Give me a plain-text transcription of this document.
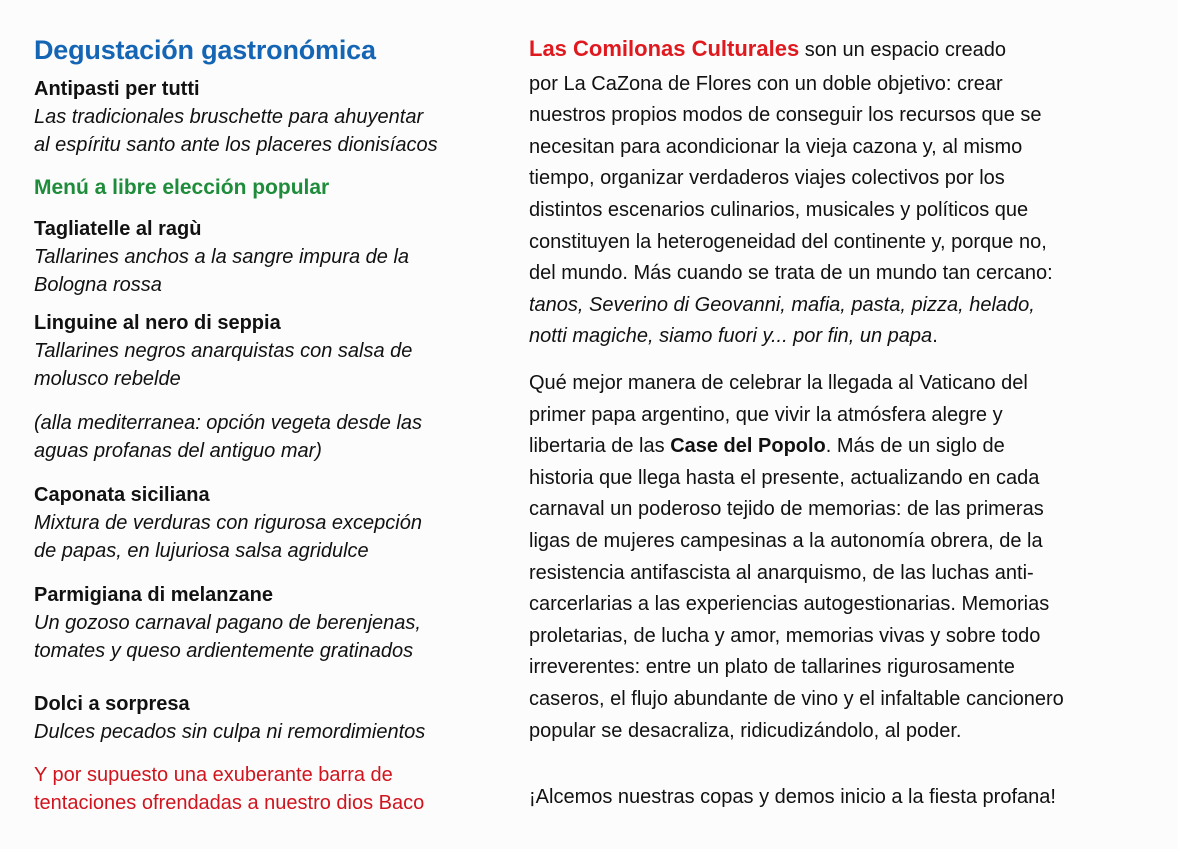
Degustación gastronómica

Antipasti per tutti

Las tradicionales bruschette para ahuyentar

al espíritu santo ante los placeres dionisíacos

Menú a libre elección popular

Tagliatelle al ragù

Tallarines anchos a la sangre impura de la

Bologna rossa

Linguine al nero di seppia

Tallarines negros anarquistas con salsa de

molusco rebelde

(alla mediterranea: opción vegeta desde las

aguas profanas del antiguo mar)

Caponata siciliana

Mixtura de verduras con rigurosa excepción

de papas, en lujuriosa salsa agridulce

Parmigiana di melanzane

Un gozoso carnaval pagano de berenjenas,

tomates y queso ardientemente gratinados

Dolci a sorpresa

Dulces pecados sin culpa ni remordimientos

Y por supuesto una exuberante barra de

tentaciones ofrendadas a nuestro dios Baco

Las Comilonas Culturales son un espacio creado

por La CaZona de Flores con un doble objetivo: crear

nuestros propios modos de conseguir los recursos que se

necesitan para acondicionar la vieja cazona y, al mismo

tiempo, organizar verdaderos viajes colectivos por los

distintos escenarios culinarios, musicales y políticos que

constituyen la heterogeneidad del continente y, porque no,

del mundo. Más cuando se trata de un mundo tan cercano:

tanos, Severino di Geovanni, mafia, pasta, pizza, helado,

notti magiche, siamo fuori y... por fin, un papa.

Qué mejor manera de celebrar la llegada al Vaticano del

primer papa argentino, que vivir la atmósfera alegre y

libertaria de las Case del Popolo. Más de un siglo de

historia que llega hasta el presente, actualizando en cada

carnaval un poderoso tejido de memorias: de las primeras

ligas de mujeres campesinas a la autonomía obrera, de la

resistencia antifascista al anarquismo, de las luchas anti-

carcerlarias a las experiencias autogestionarias. Memorias

proletarias, de lucha y amor, memorias vivas y sobre todo

irreverentes: entre un plato de tallarines rigurosamente

caseros, el flujo abundante de vino y el infaltable cancionero

popular se desacraliza, ridicudizándolo, al poder.

¡Alcemos nuestras copas y demos inicio a la fiesta profana!
